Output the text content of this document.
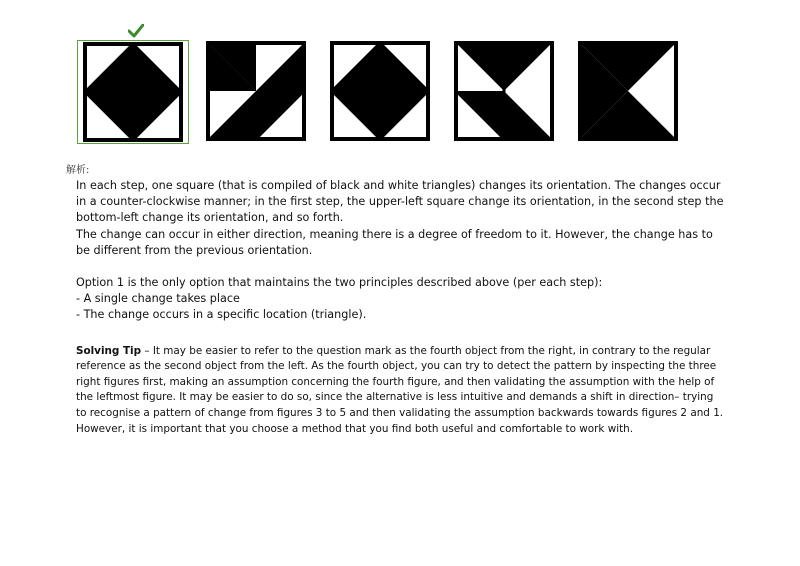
解析:

In each step, one square (that is compiled of black and white triangles) changes its orientation. The changes occur in a counter-clockwise manner; in the first step, the upper-left square change its orientation, in the second step the bottom-left change its orientation, and so forth.

The change can occur in either direction, meaning there is a degree of freedom to it. However, the change has to be different from the previous orientation.

Option 1 is the only option that maintains the two principles described above (per each step):

- A single change takes place

- The change occurs in a specific location (triangle).

Solving Tip – It may be easier to refer to the question mark as the fourth object from the right, in contrary to the regular reference as the second object from the left. As the fourth object, you can try to detect the pattern by inspecting the three right figures first, making an assumption concerning the fourth figure, and then validating the assumption with the help of the leftmost figure. It may be easier to do so, since the alternative is less intuitive and demands a shift in direction– trying to recognise a pattern of change from figures 3 to 5 and then validating the assumption backwards towards figures 2 and 1. However, it is important that you choose a method that you find both useful and comfortable to work with.
